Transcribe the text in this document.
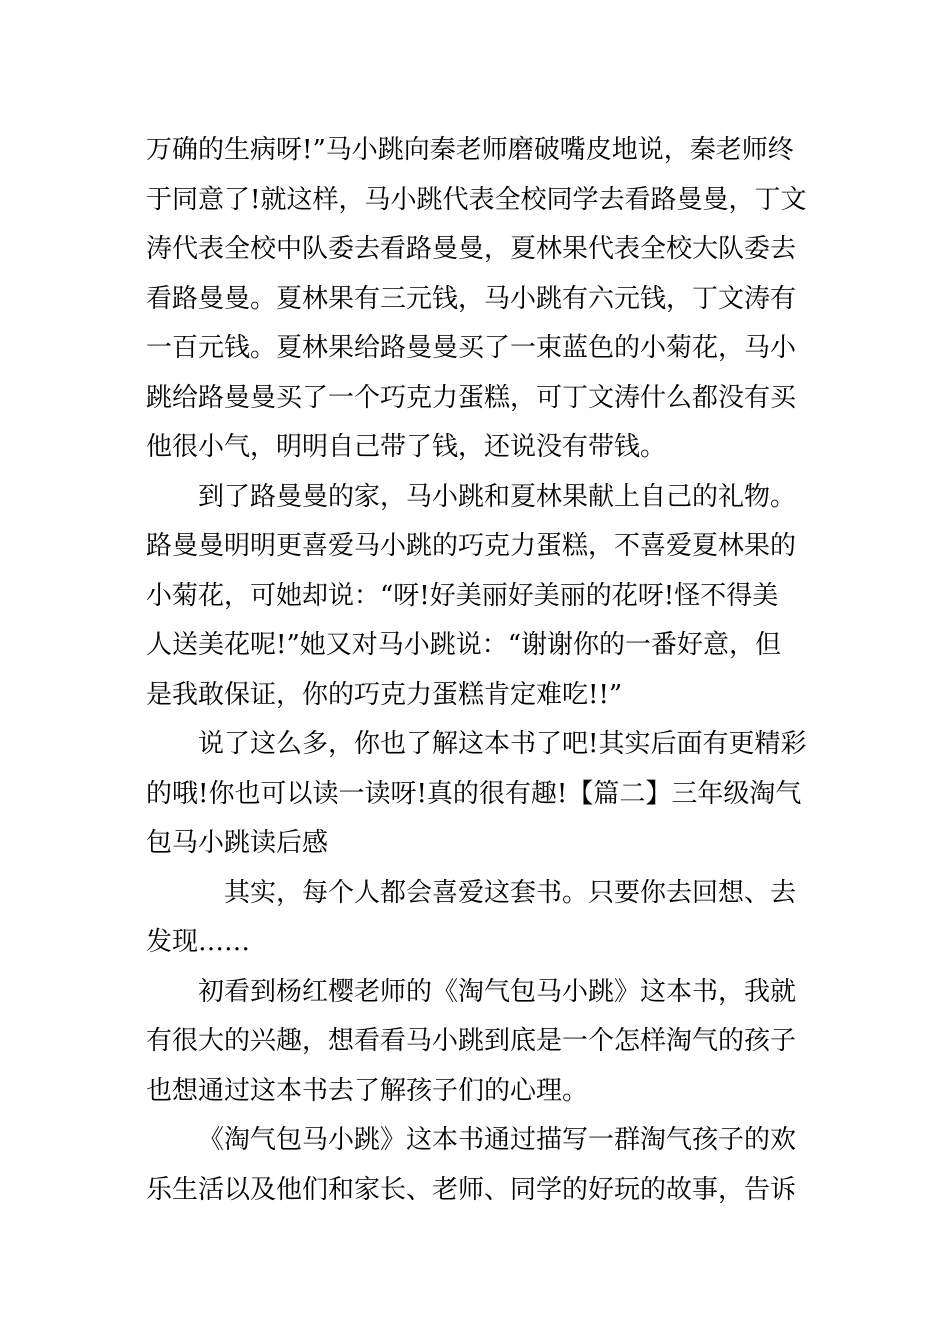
万确的生病呀!”马小跳向秦老师磨破嘴皮地说，秦老师终
于同意了!就这样，马小跳代表全校同学去看路曼曼，丁文
涛代表全校中队委去看路曼曼，夏林果代表全校大队委去
看路曼曼。夏林果有三元钱，马小跳有六元钱，丁文涛有
一百元钱。夏林果给路曼曼买了一束蓝色的小菊花，马小
跳给路曼曼买了一个巧克力蛋糕，可丁文涛什么都没有买
他很小气，明明自己带了钱，还说没有带钱。
到了路曼曼的家，马小跳和夏林果献上自己的礼物。
路曼曼明明更喜爱马小跳的巧克力蛋糕，不喜爱夏林果的
小菊花，可她却说：“呀!好美丽好美丽的花呀!怪不得美
人送美花呢!”她又对马小跳说：“谢谢你的一番好意，但
是我敢保证，你的巧克力蛋糕肯定难吃!!”
说了这么多，你也了解这本书了吧!其实后面有更精彩
的哦!你也可以读一读呀!真的很有趣!【篇二】三年级淘气
包马小跳读后感
其实，每个人都会喜爱这套书。只要你去回想、去
发现……
初看到杨红樱老师的《淘气包马小跳》这本书，我就
有很大的兴趣，想看看马小跳到底是一个怎样淘气的孩子
也想通过这本书去了解孩子们的心理。
《淘气包马小跳》这本书通过描写一群淘气孩子的欢
乐生活以及他们和家长、老师、同学的好玩的故事，告诉
